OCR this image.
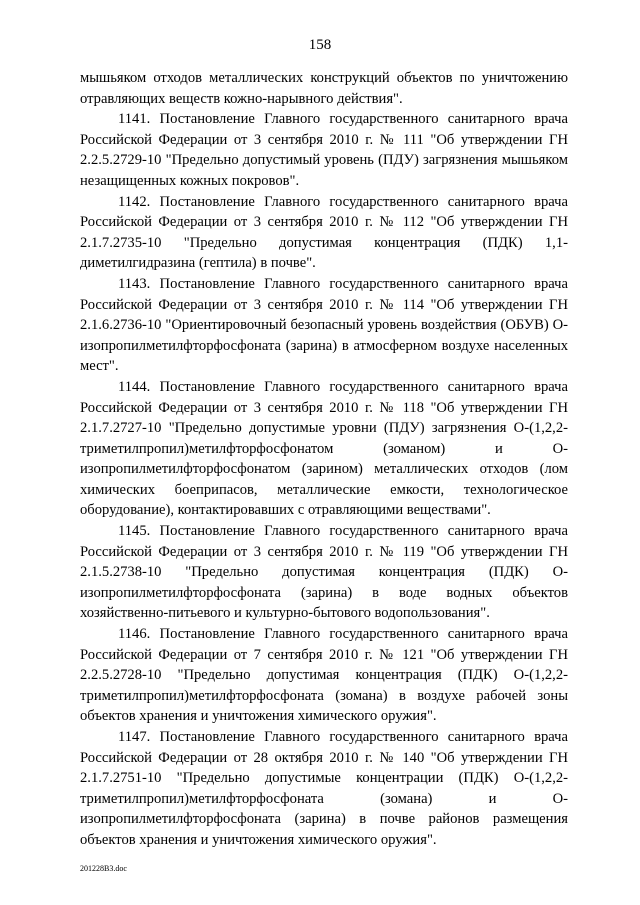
158

мышьяком отходов металлических конструкций объектов по уничтожению отравляющих веществ кожно-нарывного действия".

1141. Постановление Главного государственного санитарного врача Российской Федерации от 3 сентября 2010 г. № 111 "Об утверждении ГН 2.2.5.2729-10 "Предельно допустимый уровень (ПДУ) загрязнения мышьяком незащищенных кожных покровов".

1142. Постановление Главного государственного санитарного врача Российской Федерации от 3 сентября 2010 г. № 112 "Об утверждении ГН 2.1.7.2735-10 "Предельно допустимая концентрация (ПДК) 1,1-диметилгидразина (гептила) в почве".

1143. Постановление Главного государственного санитарного врача Российской Федерации от 3 сентября 2010 г. № 114 "Об утверждении ГН 2.1.6.2736-10 "Ориентировочный безопасный уровень воздействия (ОБУВ) О-изопропилметилфторфосфоната (зарина) в атмосферном воздухе населенных мест".

1144. Постановление Главного государственного санитарного врача Российской Федерации от 3 сентября 2010 г. № 118 "Об утверждении ГН 2.1.7.2727-10 "Предельно допустимые уровни (ПДУ) загрязнения О-(1,2,2-триметилпропил)метилфторфосфонатом (зоманом) и О-изопропилметилфторфосфонатом (зарином) металлических отходов (лом химических боеприпасов, металлические емкости, технологическое оборудование), контактировавших с отравляющими веществами".

1145. Постановление Главного государственного санитарного врача Российской Федерации от 3 сентября 2010 г. № 119 "Об утверждении ГН 2.1.5.2738-10 "Предельно допустимая концентрация (ПДК) О-изопропилметилфторфосфоната (зарина) в воде водных объектов хозяйственно-питьевого и культурно-бытового водопользования".

1146. Постановление Главного государственного санитарного врача Российской Федерации от 7 сентября 2010 г. № 121 "Об утверждении ГН 2.2.5.2728-10 "Предельно допустимая концентрация (ПДК) О-(1,2,2-триметилпропил)метилфторфосфоната (зомана) в воздухе рабочей зоны объектов хранения и уничтожения химического оружия".

1147. Постановление Главного государственного санитарного врача Российской Федерации от 28 октября 2010 г. № 140 "Об утверждении ГН 2.1.7.2751-10 "Предельно допустимые концентрации (ПДК) О-(1,2,2-триметилпропил)метилфторфосфоната (зомана) и О-изопропилметилфторфосфоната (зарина) в почве районов размещения объектов хранения и уничтожения химического оружия".

201228В3.doc
